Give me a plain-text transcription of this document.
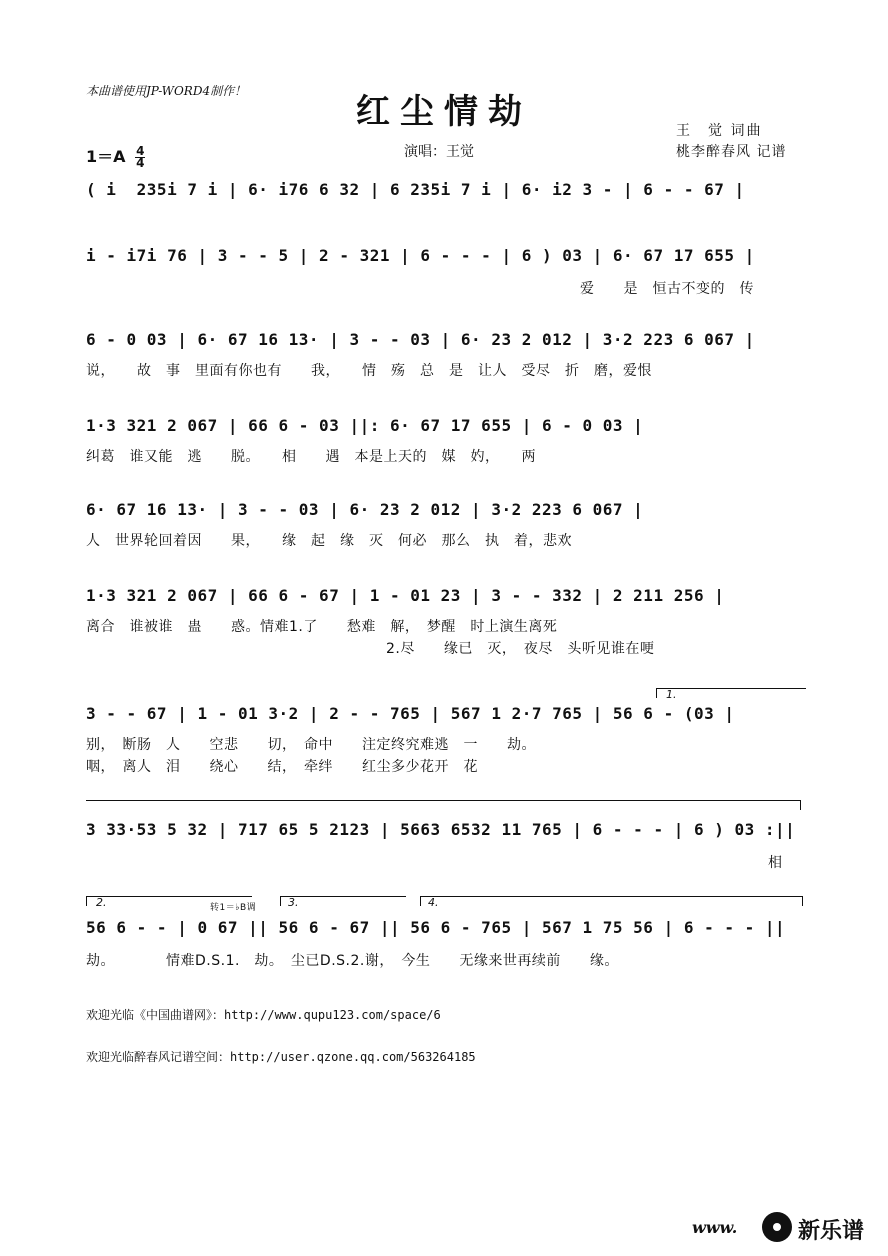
本曲谱使用JP-WORD4制作！
红尘情劫	王　觉 词曲
桃李醉春风 记谱
$1=A \frac{4}{4}$	演唱：王觉
( i  235i 7 i | 6· i76 6 32 | 6 235i 7 i | 6· i2 3 - | 6 - - 67 |
i - i7i 76 | 3 - - 5 | 2 - 321 | 6 - - - | 6 ) 03 | 6· 67 17 655 |
爱　　是　恒古不变的　传
6 - 0 03 | 6· 67 16 13· | 3 - - 03 | 6· 23 2 012 | 3·2 223 6 067 |
说，　　故　事　里面有你也有　　我，　　情　殇　总　是　让人　受尽　折　磨，爱恨
1·3 321 2 067 | 66 6 - 03 ||: 6· 67 17 655 | 6 - 0 03 |
纠葛　谁又能　逃　　脱。　　相　　遇　本是上天的　媒　妁，　　两
6· 67 16 13· | 3 - - 03 | 6· 23 2 012 | 3·2 223 6 067 |
人　世界轮回着因　　果，　　缘　起　缘　灭　何必　那么　执　着，悲欢
1·3 321 2 067 | 66 6 - 67 | 1 - 01 23 | 3 - - 332 | 2 211 256 |
离合　谁被谁　蛊　　惑。情难1.了　　愁难　解，　梦醒　时上演生离死
2.尽　　缘已　灭，　夜尽　头听见谁在哽
1.
3 - - 67 | 1 - 01 3·2 | 2 - - 765 | 567 1 2·7 765 | 56 6 - (03 |
别，　断肠　人　　空悲　　切，　命中　　注定终究难逃　一　　劫。
咽，　离人　泪　　绕心　　结，　牵绊　　红尘多少花开　花
3 33·53 5 32 | 717 65 5 2123 | 5663 6532 11 765 | 6 - - - | 6 ) 03 :||
相
2.	3.	4.
转1＝♭B调
56 6 - - | 0 67 || 56 6 - 67 || 56 6 - 765 | 567 1 75 56 | 6 - - - ||
劫。　　　　情难D.S.1.　劫。　尘已D.S.2.谢，　今生　　无缘来世再续前　　缘。
欢迎光临《中国曲谱网》：http://www.qupu123.com/space/6
欢迎光临醉春风记谱空间：http://user.qzone.qq.com/563264185
www.	新乐谱
